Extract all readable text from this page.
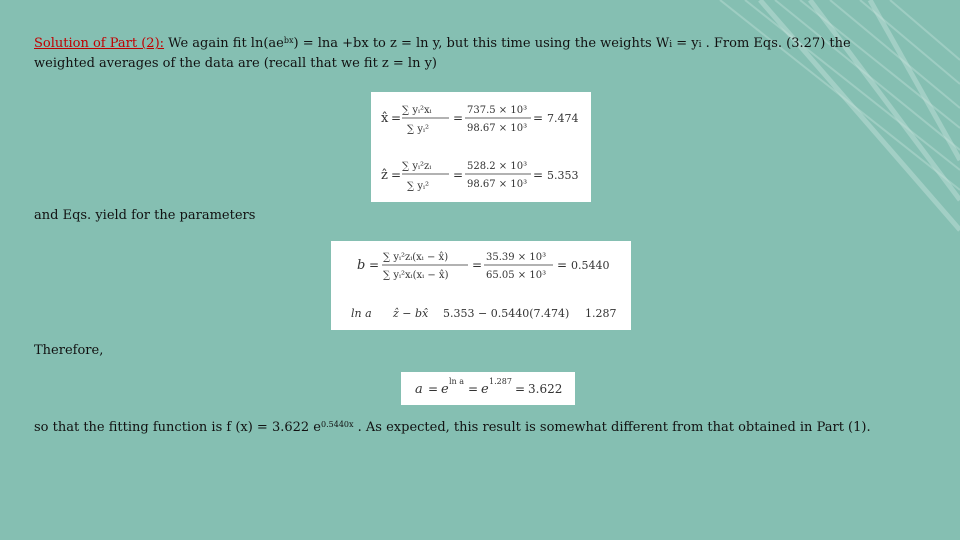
Solution of Part (2): We again fit $\ln(ae^{bx}) = \ln a +bx$ to z = ln y, but this time using the weights Wi = yi . From Eqs. (3.27) the
weighted averages of the data are (recall that we fit z = ln y)
x̂ =
∑ yᵢ²xᵢ
∑ yᵢ²
=
737.5 × 10³
98.67 × 10³
= 7.474
ẑ =
∑ yᵢ²zᵢ
∑ yᵢ²
=
528.2 × 10³
98.67 × 10³
= 5.353
and Eqs. yield for the parameters
b =
∑ yᵢ²zᵢ(xᵢ − x̂)
∑ yᵢ²xᵢ(xᵢ − x̂)
=
35.39 × 10³
65.05 × 10³
= 0.5440
ln a ẑ − bx̂ 5.353 − 0.5440(7.474) 1.287
Therefore,
a = e
ln a
= e
1.287
= 3.622
so that the fitting function is f (x) = 3.622 $e^{0.5440x}$ . As expected, this result is somewhat different from that obtained in Part (1).
